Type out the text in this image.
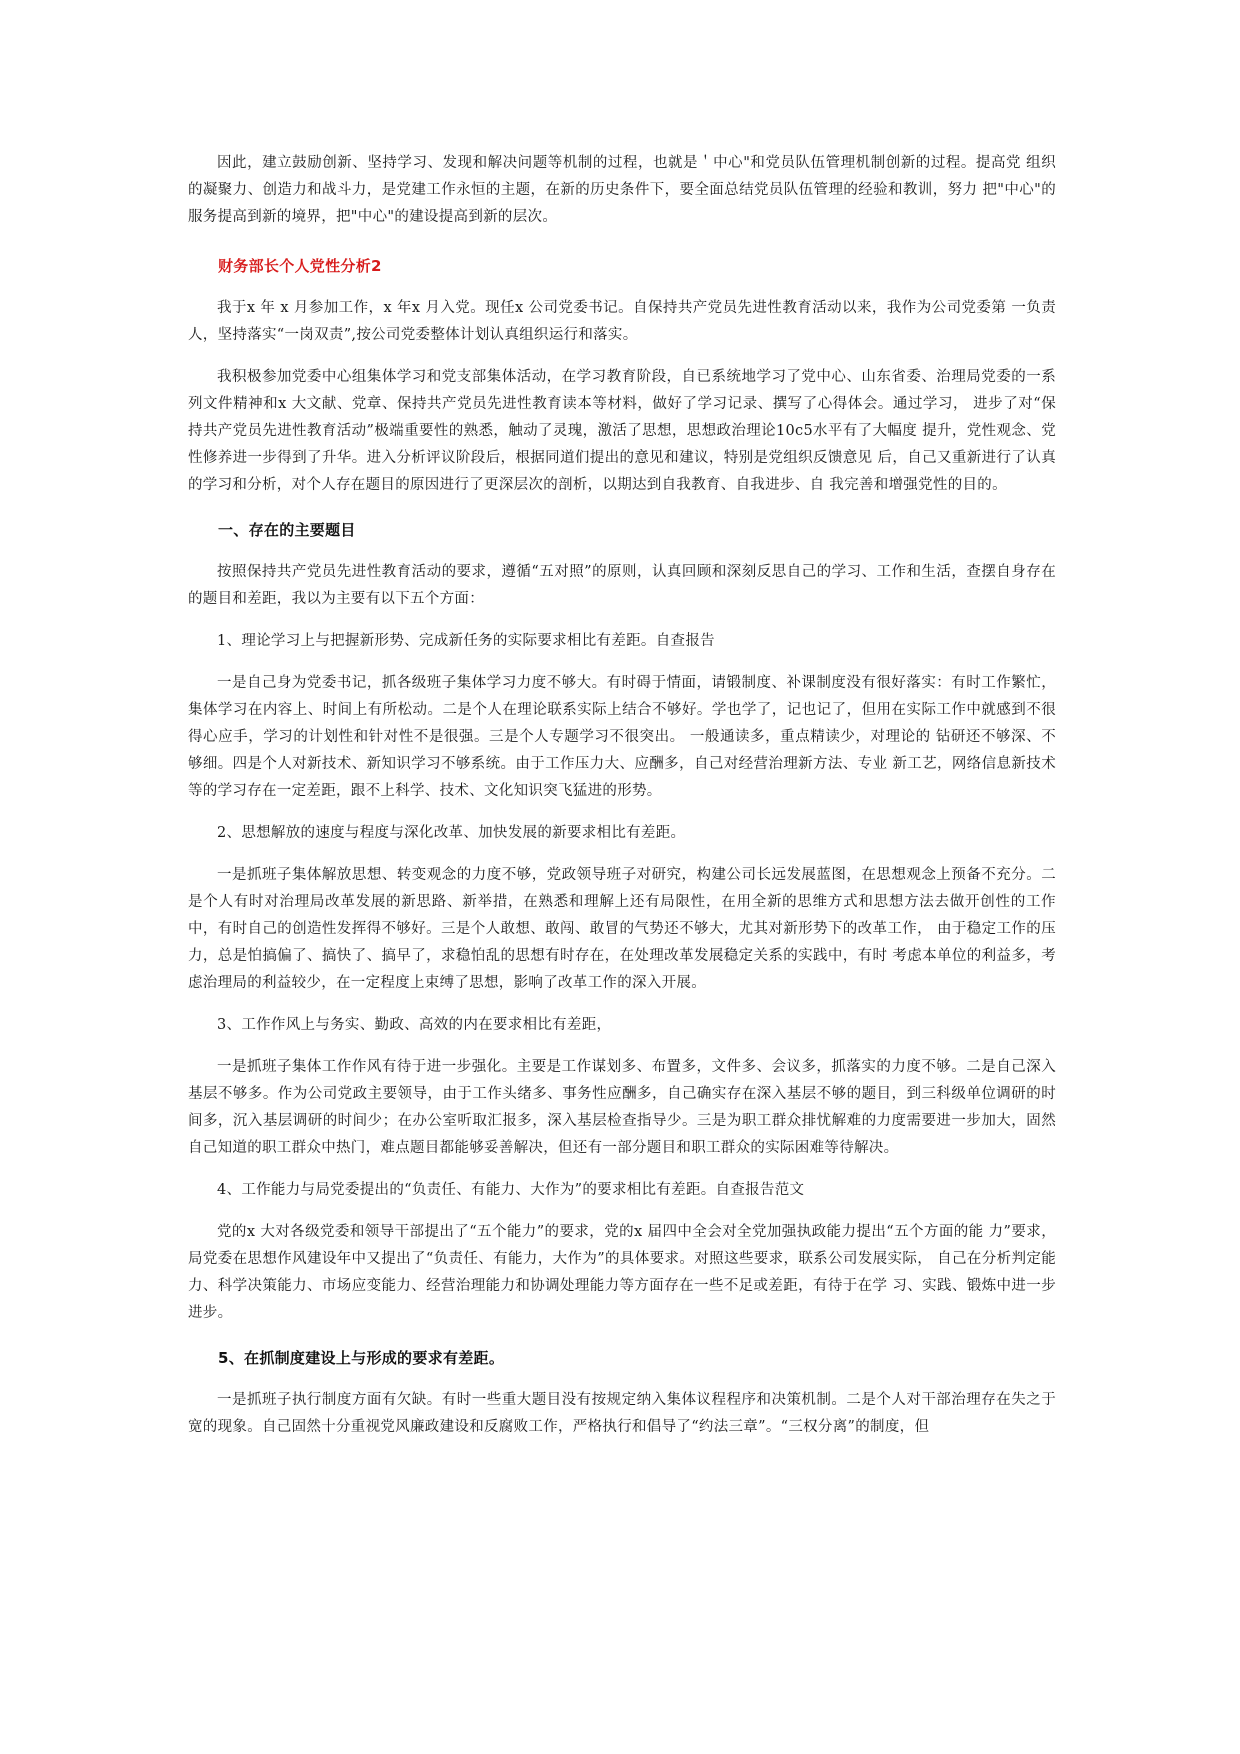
因此，建立鼓励创新、坚持学习、发现和解决问题等机制的过程，也就是＇中心"和党员队伍管理机制创新的过程。提高党 组织的凝聚力、创造力和战斗力，是党建工作永恒的主题，在新的历史条件下，要全面总结党员队伍管理的经验和教训，努力 把"中心"的服务提高到新的境界，把"中心"的建设提高到新的层次。

财务部长个人党性分析2

我于x 年 x 月参加工作，x 年x 月入党。现任x 公司党委书记。自保持共产党员先进性教育活动以来，我作为公司党委第 一负责人，坚持落实“一岗双责”,按公司党委整体计划认真组织运行和落实。

我积极参加党委中心组集体学习和党支部集体活动，在学习教育阶段，自已系统地学习了党中心、山东省委、治理局党委的一系列文件精神和x 大文献、党章、保持共产党员先进性教育读本等材料，做好了学习记录、撰写了心得体会。通过学习， 进步了对“保持共产党员先进性教育活动”极端重要性的熟悉，触动了灵瑰，激活了思想，思想政治理论10c5水平有了大幅度 提升，党性观念、党性修养进一步得到了升华。进入分析评议阶段后，根据同道们提出的意见和建议，特别是党组织反馈意见 后，自己又重新进行了认真的学习和分析，对个人存在题目的原因进行了更深层次的剖析，以期达到自我教育、自我进步、自 我完善和增强党性的目的。

一、存在的主要题目

按照保持共产党员先进性教育活动的要求，遵循“五对照”的原则，认真回顾和深刻反思自己的学习、工作和生活，查摆自身存在的题目和差距，我以为主要有以下五个方面：

1、理论学习上与把握新形势、完成新任务的实际要求相比有差距。自查报告

一是自己身为党委书记，抓各级班子集体学习力度不够大。有时碍于情面，请锻制度、补课制度没有很好落实：有时工作繁忙，集体学习在内容上、时间上有所松动。二是个人在理论联系实际上结合不够好。学也学了，记也记了，但用在实际工作中就感到不很得心应手，学习的计划性和针对性不是很强。三是个人专题学习不很突出。 一般通读多，重点精读少，对理论的 钻研还不够深、不够细。四是个人对新技术、新知识学习不够系统。由于工作压力大、应酬多，自己对经营治理新方法、专业 新工艺，网络信息新技术等的学习存在一定差距，跟不上科学、技术、文化知识突飞猛进的形势。

2、思想解放的速度与程度与深化改革、加快发展的新要求相比有差距。

一是抓班子集体解放思想、转变观念的力度不够，党政领导班子对研究，构建公司长远发展蓝图，在思想观念上预备不充分。二是个人有时对治理局改革发展的新思路、新举措，在熟悉和理解上还有局限性，在用全新的思维方式和思想方法去做开创性的工作中，有时自己的创造性发挥得不够好。三是个人敢想、敢闯、敢冒的气势还不够大，尤其对新形势下的改革工作， 由于稳定工作的压力，总是怕搞偏了、搞快了、搞早了，求稳怕乱的思想有时存在，在处理改革发展稳定关系的实践中，有时 考虑本单位的利益多，考虑治理局的利益较少，在一定程度上束缚了思想，影响了改革工作的深入开展。

3、工作作风上与务实、勤政、高效的内在要求相比有差距，

一是抓班子集体工作作风有待于进一步强化。主要是工作谋划多、布置多，文件多、会议多，抓落实的力度不够。二是自己深入基层不够多。作为公司党政主要领导，由于工作头绪多、事务性应酬多，自己确实存在深入基层不够的题目，到三科级单位调研的时间多，沉入基层调研的时间少；在办公室听取汇报多，深入基层检查指导少。三是为职工群众排忧解难的力度需要进一步加大，固然自己知道的职工群众中热门，难点题目都能够妥善解决，但还有一部分题目和职工群众的实际困难等待解决。

4、工作能力与局党委提出的“负责任、有能力、大作为”的要求相比有差距。自查报告范文

党的x 大对各级党委和领导干部提出了“五个能力”的要求，党的x 届四中全会对全党加强执政能力提出“五个方面的能 力”要求，局党委在思想作风建设年中又提出了“负责任、有能力，大作为”的具体要求。对照这些要求，联系公司发展实际， 自己在分析判定能力、科学决策能力、市场应变能力、经营治理能力和协调处理能力等方面存在一些不足或差距，有待于在学 习、实践、锻炼中进一步进步。

5、在抓制度建设上与形成的要求有差距。

一是抓班子执行制度方面有欠缺。有时一些重大题目没有按规定纳入集体议程程序和决策机制。二是个人对干部治理存在失之于宽的现象。自己固然十分重视党风廉政建设和反腐败工作，严格执行和倡导了“约法三章”。“三权分离”的制度，但
